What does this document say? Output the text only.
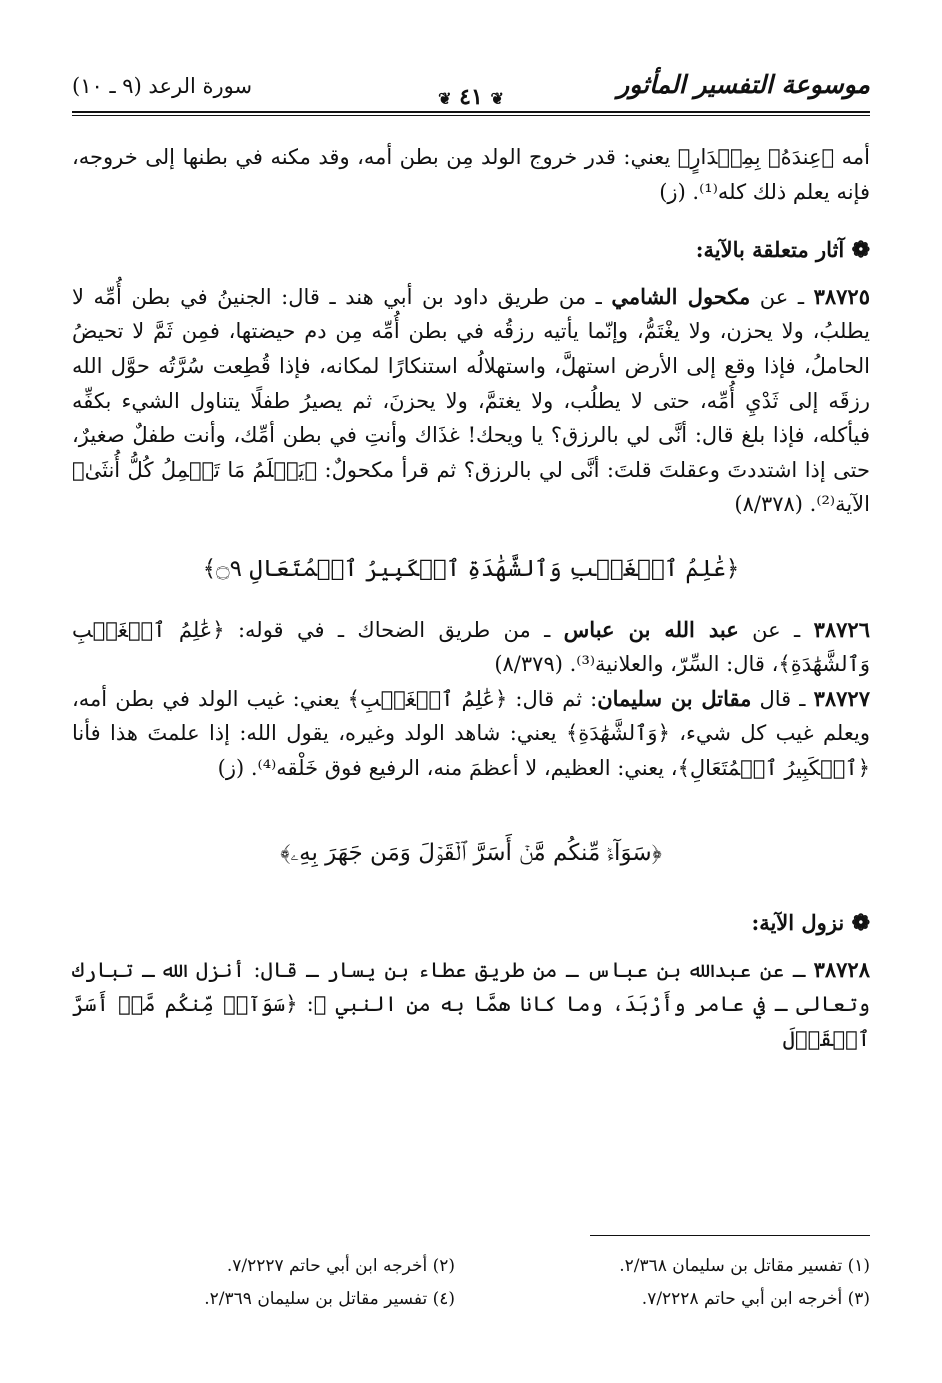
موسوعة التفسير المأثور
❦ ٤١ ❦
سورة الرعد (٩ ـ ١٠)

أمه ﴿عِندَهُۥ بِمِقۡدَارٍ﴾ يعني: قدر خروج الولد مِن بطن أمه، وقد مكنه في بطنها إلى خروجه، فإنه يعلم ذلك كله⁽¹⁾. (ز)

❁ آثار متعلقة بالآية:

٣٨٧٢٥ ـ عن مكحول الشامي ـ من طريق داود بن أبي هند ـ قال: الجنينُ في بطن أُمِّه لا يطلبُ، ولا يحزن، ولا يغْتَمُّ، وإنّما يأتيه رزقُه في بطن أُمِّه مِن دم حيضتها، فمِن ثَمَّ لا تحيضُ الحاملُ، فإذا وقع إلى الأرض استهلَّ، واستهلالُه استنكارًا لمكانه، فإذا قُطِعت سُرَّتُه حوَّل الله رزقَه إلى ثَدْيِ أُمِّه، حتى لا يطلُب، ولا يغتمَّ، ولا يحزنَ، ثم يصيرُ طفلًا يتناول الشيء بكفِّه فيأكله، فإذا بلغ قال: أنَّى لي بالرزق؟ يا ويحك! غذَاك وأنتِ في بطن أمِّك، وأنت طفلٌ صغيرٌ، حتى إذا اشتددتَ وعقلتَ قلتَ: أنَّى لي بالرزق؟ ثم قرأ مكحولٌ: ﴿يَعۡلَمُ مَا تَحۡمِلُ كُلُّ أُنثَىٰ﴾ الآية⁽²⁾. (٨/٣٧٨)

﴿عَٰلِمُ ٱلۡغَيۡبِ وَٱلشَّهَٰدَةِ ٱلۡكَبِيرُ ٱلۡمُتَعَالِ ۝٩﴾

٣٨٧٢٦ ـ عن عبد الله بن عباس ـ من طريق الضحاك ـ في قوله: ﴿عَٰلِمُ ٱلۡغَيۡبِ وَٱلشَّهَٰدَةِ﴾، قال: السِّرّ، والعلانية⁽³⁾. (٨/٣٧٩)

٣٨٧٢٧ ـ قال مقاتل بن سليمان: ثم قال: ﴿عَٰلِمُ ٱلۡغَيۡبِ﴾ يعني: غيب الولد في بطن أمه، ويعلم غيب كل شيء، ﴿وَٱلشَّهَٰدَةِ﴾ يعني: شاهد الولد وغيره، يقول الله: إذا علمتَ هذا فأنا ﴿ٱلۡكَبِيرُ ٱلۡمُتَعَالِ﴾، يعني: العظيم، لا أعظمَ منه، الرفيع فوق خَلْقه⁽⁴⁾. (ز)

﴿سَوَآءٞ مِّنكُم مَّنۡ أَسَرَّ ٱلۡقَوۡلَ وَمَن جَهَرَ بِهِۦ﴾
❁ نزول الآية:

٣٨٧٢٨ ـ عن عبدالله بن عباس ـ من طريق عطاء بن يسار ـ قال: أنزل الله ـ تبارك وتعالى ـ في عامر وأَرْبَدَ، وما كانا همَّا به من النبي ﷺ: ﴿سَوَآءٞ مِّنكُم مَّنۡ أَسَرَّ ٱلۡقَوۡلَ

(١) تفسير مقاتل بن سليمان ٢/٣٦٨.
(٢) أخرجه ابن أبي حاتم ٧/٢٢٢٧.
(٣) أخرجه ابن أبي حاتم ٧/٢٢٢٨.
(٤) تفسير مقاتل بن سليمان ٢/٣٦٩.
